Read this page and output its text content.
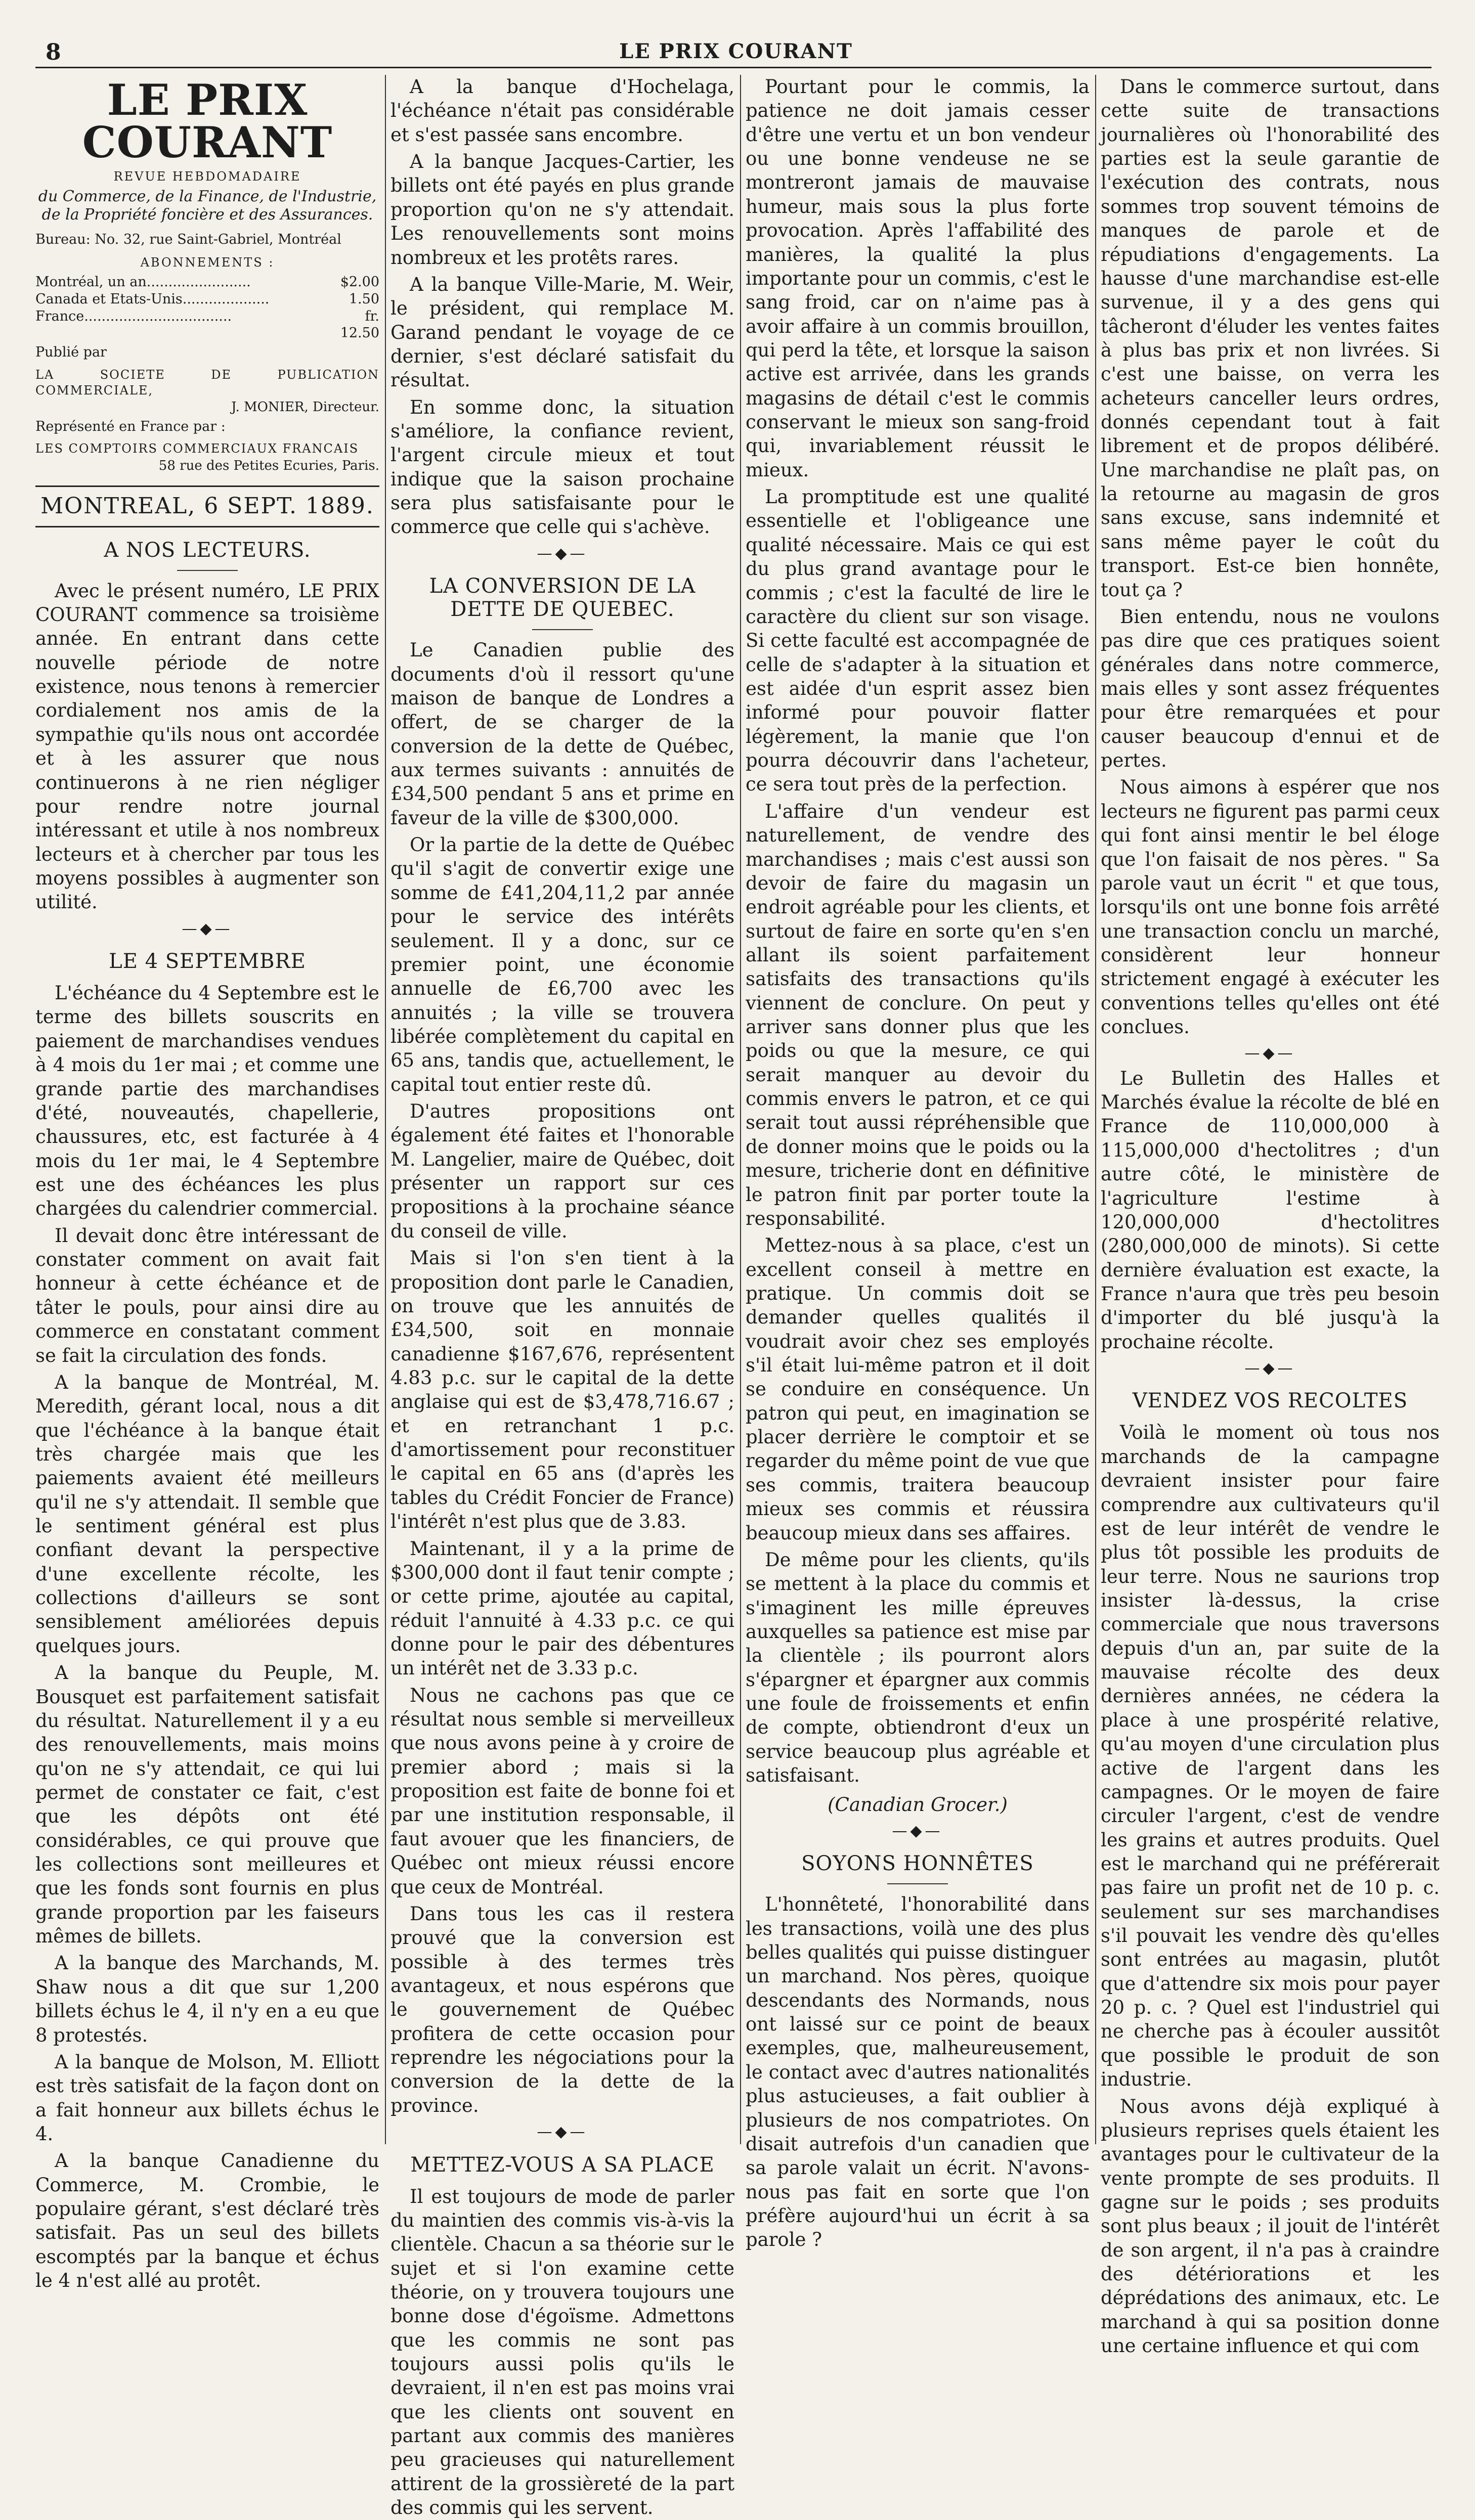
8	LE PRIX COURANT
LE PRIX COURANT
REVUE HEBDOMADAIRE
du Commerce, de la Finance, de l'Industrie, de la Propriété foncière et des Assurances.
Bureau: No. 32, rue Saint-Gabriel, Montréal
ABONNEMENTS :
Montréal, un an........................	$2.00
Canada et Etats-Unis....................	1.50
France..................................	fr. 12.50
Publié par
LA SOCIETE DE PUBLICATION COMMERCIALE,
J. MONIER, Directeur.
Représenté en France par :
LES COMPTOIRS COMMERCIAUX FRANCAIS
58 rue des Petites Ecuries, Paris.
MONTREAL, 6 SEPT. 1889.
A NOS LECTEURS.

Avec le présent numéro, LE PRIX COURANT commence sa troisième année. En entrant dans cette nouvelle période de notre existence, nous tenons à remercier cordialement nos amis de la sympathie qu'ils nous ont accordée et à les assurer que nous continuerons à ne rien négliger pour rendre notre journal intéressant et utile à nos nombreux lecteurs et à chercher par tous les moyens possibles à augmenter son utilité.

—◆—
LE 4 SEPTEMBRE

L'échéance du 4 Septembre est le terme des billets souscrits en paiement de marchandises vendues à 4 mois du 1er mai ; et comme une grande partie des marchandises d'été, nouveautés, chapellerie, chaussures, etc, est facturée à 4 mois du 1er mai, le 4 Septembre est une des échéances les plus chargées du calendrier commercial.

Il devait donc être intéressant de constater comment on avait fait honneur à cette échéance et de tâter le pouls, pour ainsi dire au commerce en constatant comment se fait la circulation des fonds.

A la banque de Montréal, M. Meredith, gérant local, nous a dit que l'échéance à la banque était très chargée mais que les paiements avaient été meilleurs qu'il ne s'y attendait. Il semble que le sentiment général est plus confiant devant la perspective d'une excellente récolte, les collections d'ailleurs se sont sensiblement améliorées depuis quelques jours.

A la banque du Peuple, M. Bousquet est parfaitement satisfait du résultat. Naturellement il y a eu des renouvellements, mais moins qu'on ne s'y attendait, ce qui lui permet de constater ce fait, c'est que les dépôts ont été considérables, ce qui prouve que les collections sont meilleures et que les fonds sont fournis en plus grande proportion par les faiseurs mêmes de billets.

A la banque des Marchands, M. Shaw nous a dit que sur 1,200 billets échus le 4, il n'y en a eu que 8 protestés.

A la banque de Molson, M. Elliott est très satisfait de la façon dont on a fait honneur aux billets échus le 4.

A la banque Canadienne du Commerce, M. Crombie, le populaire gérant, s'est déclaré très satisfait. Pas un seul des billets escomptés par la banque et échus le 4 n'est allé au protêt.

A la banque d'Hochelaga, l'échéance n'était pas considérable et s'est passée sans encombre.

A la banque Jacques-Cartier, les billets ont été payés en plus grande proportion qu'on ne s'y attendait. Les renouvellements sont moins nombreux et les protêts rares.

A la banque Ville-Marie, M. Weir, le président, qui remplace M. Garand pendant le voyage de ce dernier, s'est déclaré satisfait du résultat.

En somme donc, la situation s'améliore, la confiance revient, l'argent circule mieux et tout indique que la saison prochaine sera plus satisfaisante pour le commerce que celle qui s'achève.

—◆—
LA CONVERSION DE LA DETTE DE QUEBEC.

Le Canadien publie des documents d'où il ressort qu'une maison de banque de Londres a offert, de se charger de la conversion de la dette de Québec, aux termes suivants : annuités de £34,500 pendant 5 ans et prime en faveur de la ville de $300,000.

Or la partie de la dette de Québec qu'il s'agit de convertir exige une somme de £41,204,11,2 par année pour le service des intérêts seulement. Il y a donc, sur ce premier point, une économie annuelle de £6,700 avec les annuités ; la ville se trouvera libérée complètement du capital en 65 ans, tandis que, actuellement, le capital tout entier reste dû.

D'autres propositions ont également été faites et l'honorable M. Langelier, maire de Québec, doit présenter un rapport sur ces propositions à la prochaine séance du conseil de ville.

Mais si l'on s'en tient à la proposition dont parle le Canadien, on trouve que les annuités de £34,500, soit en monnaie canadienne $167,676, représentent 4.83 p.c. sur le capital de la dette anglaise qui est de $3,478,716.67 ; et en retranchant 1 p.c. d'amortissement pour reconstituer le capital en 65 ans (d'après les tables du Crédit Foncier de France) l'intérêt n'est plus que de 3.83.

Maintenant, il y a la prime de $300,000 dont il faut tenir compte ; or cette prime, ajoutée au capital, réduit l'annuité à 4.33 p.c. ce qui donne pour le pair des débentures un intérêt net de 3.33 p.c.

Nous ne cachons pas que ce résultat nous semble si merveilleux que nous avons peine à y croire de premier abord ; mais si la proposition est faite de bonne foi et par une institution responsable, il faut avouer que les financiers, de Québec ont mieux réussi encore que ceux de Montréal.

Dans tous les cas il restera prouvé que la conversion est possible à des termes très avantageux, et nous espérons que le gouvernement de Québec profitera de cette occasion pour reprendre les négociations pour la conversion de la dette de la province.

—◆—
METTEZ-VOUS A SA PLACE

Il est toujours de mode de parler du maintien des commis vis-à-vis la clientèle. Chacun a sa théorie sur le sujet et si l'on examine cette théorie, on y trouvera toujours une bonne dose d'égoïsme. Admettons que les commis ne sont pas toujours aussi polis qu'ils le devraient, il n'en est pas moins vrai que les clients ont souvent en partant aux commis des manières peu gracieuses qui naturellement attirent de la grossièreté de la part des commis qui les servent.

Pourtant pour le commis, la patience ne doit jamais cesser d'être une vertu et un bon vendeur ou une bonne vendeuse ne se montreront jamais de mauvaise humeur, mais sous la plus forte provocation. Après l'affabilité des manières, la qualité la plus importante pour un commis, c'est le sang froid, car on n'aime pas à avoir affaire à un commis brouillon, qui perd la tête, et lorsque la saison active est arrivée, dans les grands magasins de détail c'est le commis conservant le mieux son sang-froid qui, invariablement réussit le mieux.

La promptitude est une qualité essentielle et l'obligeance une qualité nécessaire. Mais ce qui est du plus grand avantage pour le commis ; c'est la faculté de lire le caractère du client sur son visage. Si cette faculté est accompagnée de celle de s'adapter à la situation et est aidée d'un esprit assez bien informé pour pouvoir flatter légèrement, la manie que l'on pourra découvrir dans l'acheteur, ce sera tout près de la perfection.

L'affaire d'un vendeur est naturellement, de vendre des marchandises ; mais c'est aussi son devoir de faire du magasin un endroit agréable pour les clients, et surtout de faire en sorte qu'en s'en allant ils soient parfaitement satisfaits des transactions qu'ils viennent de conclure. On peut y arriver sans donner plus que les poids ou que la mesure, ce qui serait manquer au devoir du commis envers le patron, et ce qui serait tout aussi répréhensible que de donner moins que le poids ou la mesure, tricherie dont en définitive le patron finit par porter toute la responsabilité.

Mettez-nous à sa place, c'est un excellent conseil à mettre en pratique. Un commis doit se demander quelles qualités il voudrait avoir chez ses employés s'il était lui-même patron et il doit se conduire en conséquence. Un patron qui peut, en imagination se placer derrière le comptoir et se regarder du même point de vue que ses commis, traitera beaucoup mieux ses commis et réussira beaucoup mieux dans ses affaires.

De même pour les clients, qu'ils se mettent à la place du commis et s'imaginent les mille épreuves auxquelles sa patience est mise par la clientèle ; ils pourront alors s'épargner et épargner aux commis une foule de froissements et enfin de compte, obtiendront d'eux un service beaucoup plus agréable et satisfaisant.

(Canadian Grocer.)
—◆—
SOYONS HONNÊTES

L'honnêteté, l'honorabilité dans les transactions, voilà une des plus belles qualités qui puisse distinguer un marchand. Nos pères, quoique descendants des Normands, nous ont laissé sur ce point de beaux exemples, que, malheureusement, le contact avec d'autres nationalités plus astucieuses, a fait oublier à plusieurs de nos compatriotes. On disait autrefois d'un canadien que sa parole valait un écrit. N'avons-nous pas fait en sorte que l'on préfère aujourd'hui un écrit à sa parole ?

Dans le commerce surtout, dans cette suite de transactions journalières où l'honorabilité des parties est la seule garantie de l'exécution des contrats, nous sommes trop souvent témoins de manques de parole et de répudiations d'engagements. La hausse d'une marchandise est-elle survenue, il y a des gens qui tâcheront d'éluder les ventes faites à plus bas prix et non livrées. Si c'est une baisse, on verra les acheteurs canceller leurs ordres, donnés cependant tout à fait librement et de propos délibéré. Une marchandise ne plaît pas, on la retourne au magasin de gros sans excuse, sans indemnité et sans même payer le coût du transport. Est-ce bien honnête, tout ça ?

Bien entendu, nous ne voulons pas dire que ces pratiques soient générales dans notre commerce, mais elles y sont assez fréquentes pour être remarquées et pour causer beaucoup d'ennui et de pertes.

Nous aimons à espérer que nos lecteurs ne figurent pas parmi ceux qui font ainsi mentir le bel éloge que l'on faisait de nos pères. " Sa parole vaut un écrit " et que tous, lorsqu'ils ont une bonne fois arrêté une transaction conclu un marché, considèrent leur honneur strictement engagé à exécuter les conventions telles qu'elles ont été conclues.

—◆—

Le Bulletin des Halles et Marchés évalue la récolte de blé en France de 110,000,000 à 115,000,000 d'hectolitres ; d'un autre côté, le ministère de l'agriculture l'estime à 120,000,000 d'hectolitres (280,000,000 de minots). Si cette dernière évaluation est exacte, la France n'aura que très peu besoin d'importer du blé jusqu'à la prochaine récolte.

—◆—
VENDEZ VOS RECOLTES

Voilà le moment où tous nos marchands de la campagne devraient insister pour faire comprendre aux cultivateurs qu'il est de leur intérêt de vendre le plus tôt possible les produits de leur terre. Nous ne saurions trop insister là-dessus, la crise commerciale que nous traversons depuis d'un an, par suite de la mauvaise récolte des deux dernières années, ne cédera la place à une prospérité relative, qu'au moyen d'une circulation plus active de l'argent dans les campagnes. Or le moyen de faire circuler l'argent, c'est de vendre les grains et autres produits. Quel est le marchand qui ne préférerait pas faire un profit net de 10 p. c. seulement sur ses marchandises s'il pouvait les vendre dès qu'elles sont entrées au magasin, plutôt que d'attendre six mois pour payer 20 p. c. ? Quel est l'industriel qui ne cherche pas à écouler aussitôt que possible le produit de son industrie.

Nous avons déjà expliqué à plusieurs reprises quels étaient les avantages pour le cultivateur de la vente prompte de ses produits. Il gagne sur le poids ; ses produits sont plus beaux ; il jouit de l'intérêt de son argent, il n'a pas à craindre des détériorations et les déprédations des animaux, etc. Le marchand à qui sa position donne une certaine influence et qui com
